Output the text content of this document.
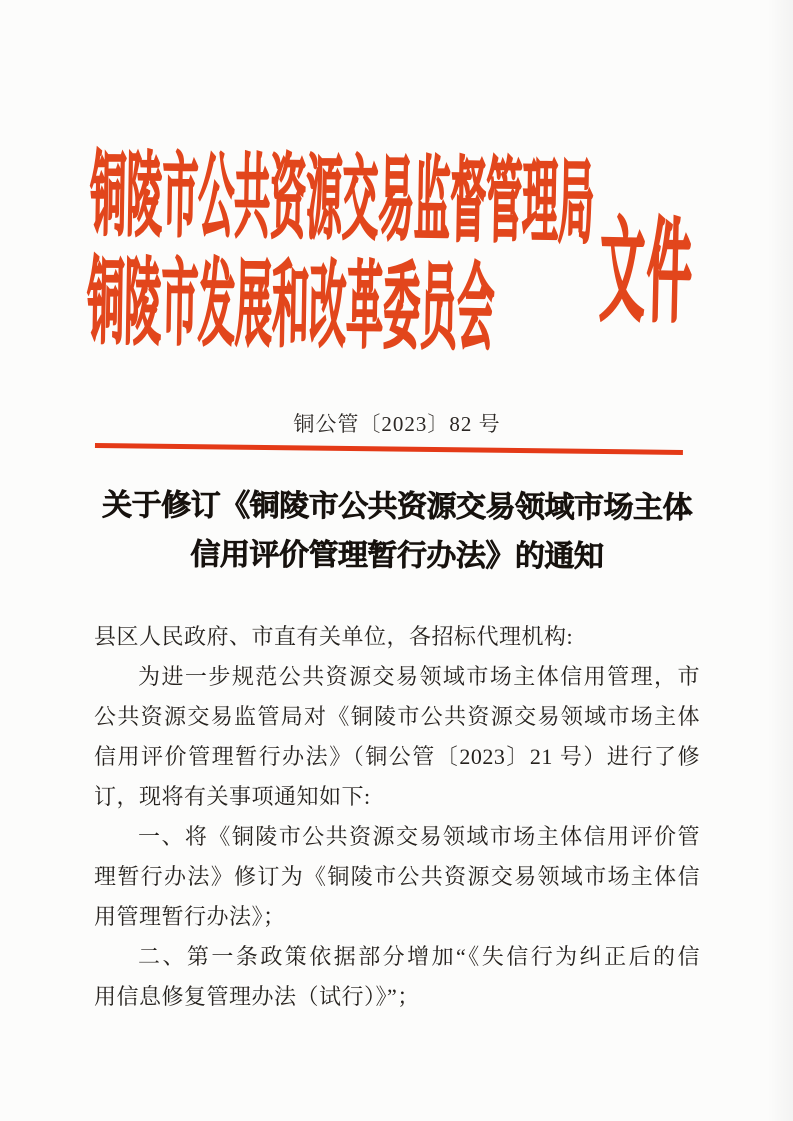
铜陵市公共资源交易监督管理局
铜陵市发展和改革委员会 文件
铜公管〔2023〕82 号
关于修订《铜陵市公共资源交易领域市场主体
信用评价管理暂行办法》的通知
县区人民政府、市直有关单位，各招标代理机构:
为进一步规范公共资源交易领域市场主体信用管理，市
公共资源交易监管局对《铜陵市公共资源交易领域市场主体
信用评价管理暂行办法》（铜公管〔2023〕21 号）进行了修
订，现将有关事项通知如下:
一、将《铜陵市公共资源交易领域市场主体信用评价管
理暂行办法》修订为《铜陵市公共资源交易领域市场主体信
用管理暂行办法》；
二、第一条政策依据部分增加“《失信行为纠正后的信
用信息修复管理办法（试行）》”；
